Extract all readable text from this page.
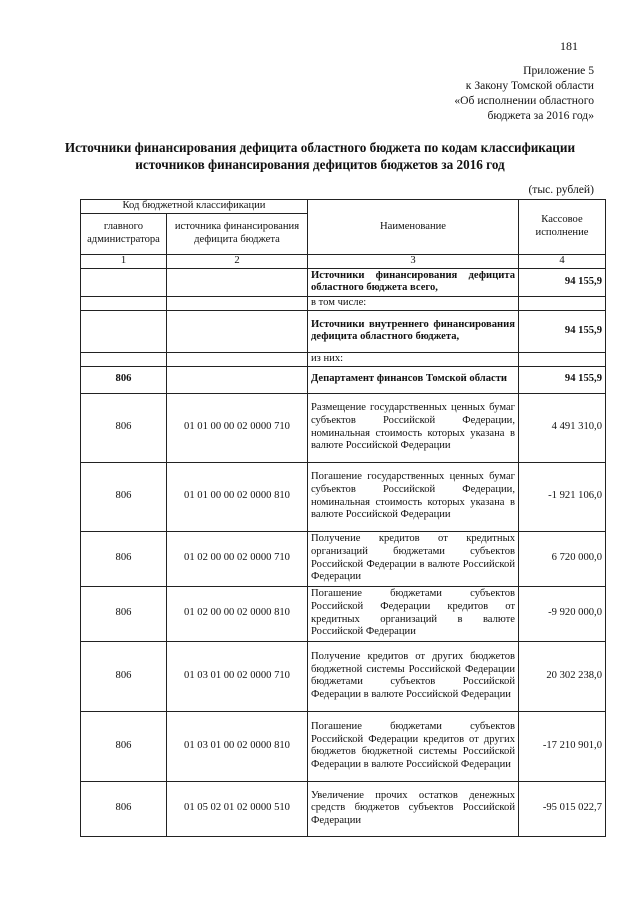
181
Приложение 5
к Закону Томской области
«Об исполнении областного
бюджета за 2016 год»
Источники финансирования дефицита областного бюджета по кодам классификации источников финансирования дефицитов бюджетов за 2016 год
(тыс. рублей)
Код бюджетной классификации		Наименование	Кассовое исполнение
главного администратора	источника финансирования дефицита бюджета		
1	2	3	4
		Источники финансирования дефицита областного бюджета всего,	94 155,9
		в том числе:	
		Источники внутреннего финансирования дефицита областного бюджета,	94 155,9
		из них:	
806		Департамент финансов Томской области	94 155,9
806	01 01 00 00 02 0000 710	Размещение государственных ценных бумаг субъектов Российской Федерации, номинальная стоимость которых указана в валюте Российской Федерации	4 491 310,0
806	01 01 00 00 02 0000 810	Погашение государственных ценных бумаг субъектов Российской Федерации, номинальная стоимость которых указана в валюте Российской Федерации	-1 921 106,0
806	01 02 00 00 02 0000 710	Получение кредитов от кредитных организаций бюджетами субъектов Российской Федерации в валюте Российской Федерации	6 720 000,0
806	01 02 00 00 02 0000 810	Погашение бюджетами субъектов Российской Федерации кредитов от кредитных организаций в валюте Российской Федерации	-9 920 000,0
806	01 03 01 00 02 0000 710	Получение кредитов от других бюджетов бюджетной системы Российской Федерации бюджетами субъектов Российской Федерации в валюте Российской Федерации	20 302 238,0
806	01 03 01 00 02 0000 810	Погашение бюджетами субъектов Российской Федерации кредитов от других бюджетов бюджетной системы Российской Федерации в валюте Российской Федерации	-17 210 901,0
806	01 05 02 01 02 0000 510	Увеличение прочих остатков денежных средств бюджетов субъектов Российской Федерации	-95 015 022,7
